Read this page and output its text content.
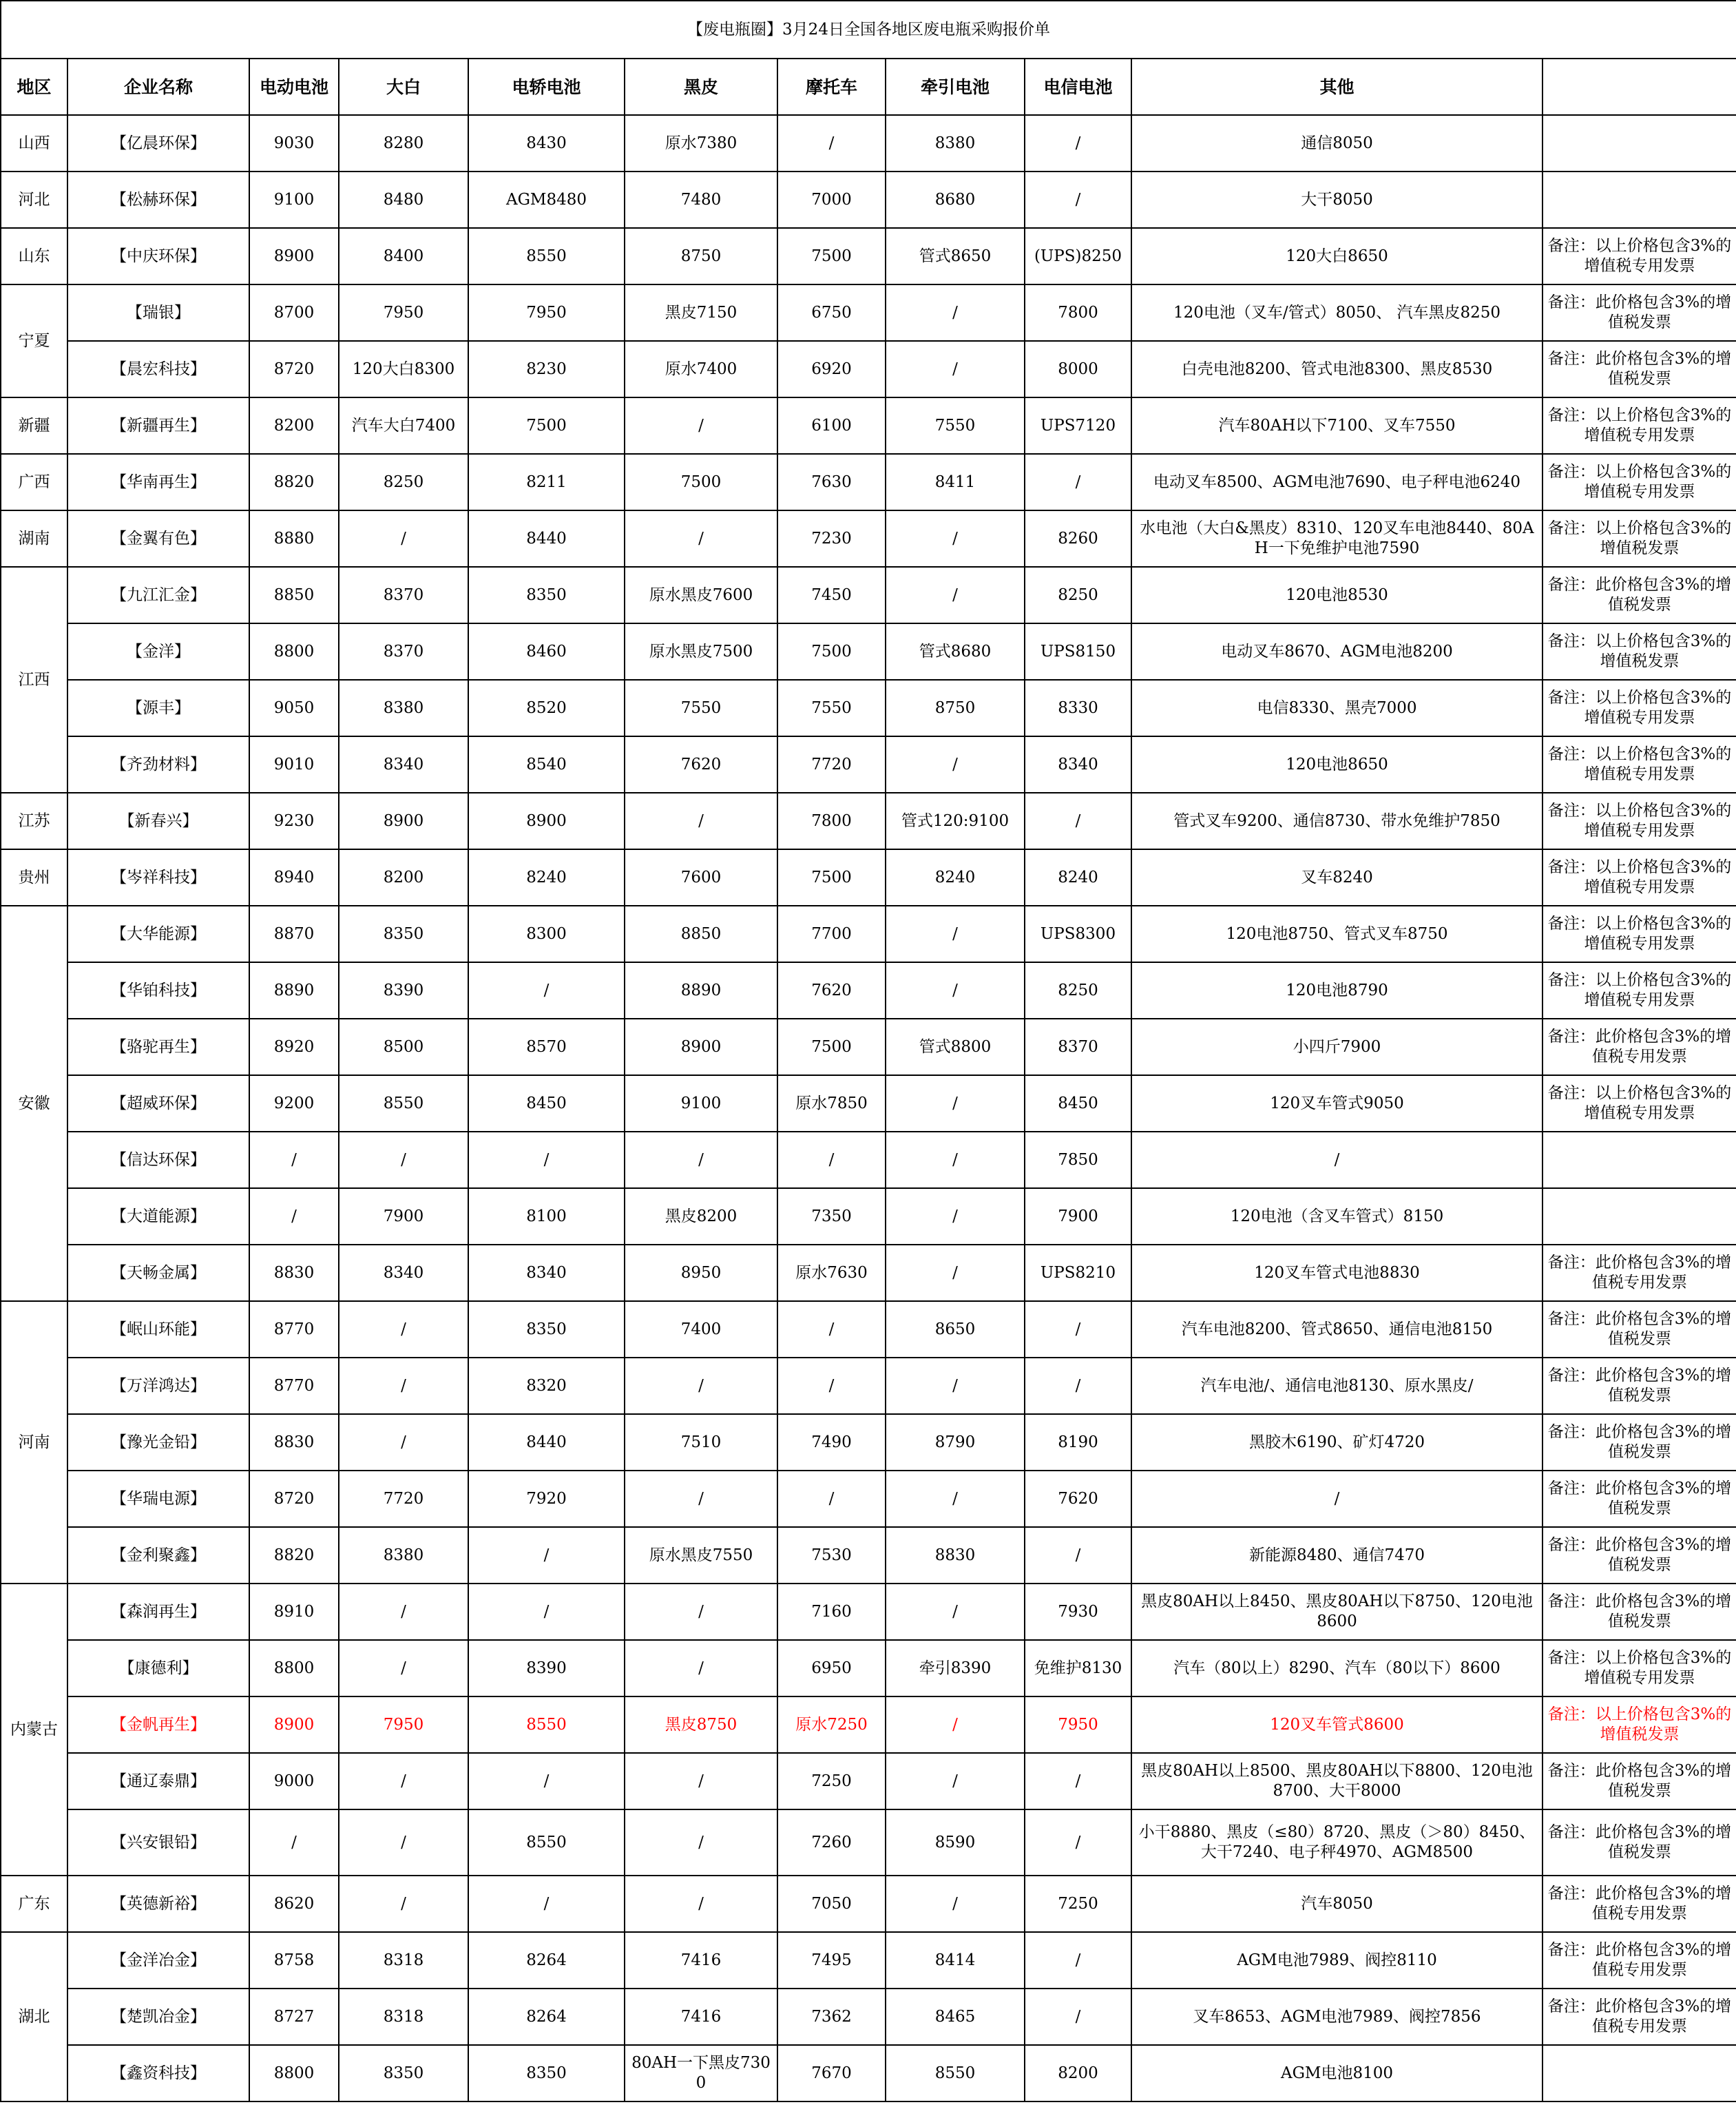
【废电瓶圈】3月24日全国各地区废电瓶采购报价单										
地区	企业名称	电动电池	大白	电轿电池	黑皮	摩托车	牵引电池	电信电池	其他	
山西	【亿晨环保】	9030	8280	8430	原水7380	/	8380	/	通信8050	
河北	【松赫环保】	9100	8480	AGM8480	7480	7000	8680	/	大干8050	
山东	【中庆环保】	8900	8400	8550	8750	7500	管式8650	(UPS)8250	120大白8650	备注：以上价格包含3%的增值税专用发票
宁夏	【瑞银】	8700	7950	7950	黑皮7150	6750	/	7800	120电池（叉车/管式）8050、 汽车黑皮8250	备注：此价格包含3%的增值税发票
	【晨宏科技】	8720	120大白8300	8230	原水7400	6920	/	8000	白壳电池8200、管式电池8300、黑皮8530	备注：此价格包含3%的增值税发票
新疆	【新疆再生】	8200	汽车大白7400	7500	/	6100	7550	UPS7120	汽车80AH以下7100、叉车7550	备注：以上价格包含3%的增值税专用发票
广西	【华南再生】	8820	8250	8211	7500	7630	8411	/	电动叉车8500、AGM电池7690、电子秤电池6240	备注：以上价格包含3%的增值税专用发票
湖南	【金翼有色】	8880	/	8440	/	7230	/	8260	水电池（大白&黑皮）8310、120叉车电池8440、80AH一下免维护电池7590	备注：以上价格包含3%的增值税发票
江西	【九江汇金】	8850	8370	8350	原水黑皮7600	7450	/	8250	120电池8530	备注：此价格包含3%的增值税发票
	【金洋】	8800	8370	8460	原水黑皮7500	7500	管式8680	UPS8150	电动叉车8670、AGM电池8200	备注：以上价格包含3%的增值税发票
	【源丰】	9050	8380	8520	7550	7550	8750	8330	电信8330、黑壳7000	备注：以上价格包含3%的增值税专用发票
	【齐劲材料】	9010	8340	8540	7620	7720	/	8340	120电池8650	备注：以上价格包含3%的增值税专用发票
江苏	【新春兴】	9230	8900	8900	/	7800	管式120:9100	/	管式叉车9200、通信8730、带水免维护7850	备注：以上价格包含3%的增值税专用发票
贵州	【岑祥科技】	8940	8200	8240	7600	7500	8240	8240	叉车8240	备注：以上价格包含3%的增值税专用发票
安徽	【大华能源】	8870	8350	8300	8850	7700	/	UPS8300	120电池8750、管式叉车8750	备注：以上价格包含3%的增值税专用发票
	【华铂科技】	8890	8390	/	8890	7620	/	8250	120电池8790	备注：以上价格包含3%的增值税专用发票
	【骆驼再生】	8920	8500	8570	8900	7500	管式8800	8370	小四斤7900	备注：此价格包含3%的增值税专用发票
	【超威环保】	9200	8550	8450	9100	原水7850	/	8450	120叉车管式9050	备注：以上价格包含3%的增值税专用发票
	【信达环保】	/	/	/	/	/	/	7850	/	
	【大道能源】	/	7900	8100	黑皮8200	7350	/	7900	120电池（含叉车管式）8150	
	【天畅金属】	8830	8340	8340	8950	原水7630	/	UPS8210	120叉车管式电池8830	备注：此价格包含3%的增值税专用发票
河南	【岷山环能】	8770	/	8350	7400	/	8650	/	汽车电池8200、管式8650、通信电池8150	备注：此价格包含3%的增值税发票
	【万洋鸿达】	8770	/	8320	/	/	/	/	汽车电池/、通信电池8130、原水黑皮/	备注：此价格包含3%的增值税发票
	【豫光金铅】	8830	/	8440	7510	7490	8790	8190	黑胶木6190、矿灯4720	备注：此价格包含3%的增值税发票
	【华瑞电源】	8720	7720	7920	/	/	/	7620	/	备注：此价格包含3%的增值税发票
	【金利聚鑫】	8820	8380	/	原水黑皮7550	7530	8830	/	新能源8480、通信7470	备注：此价格包含3%的增值税发票
内蒙古	【森润再生】	8910	/	/	/	7160	/	7930	黑皮80AH以上8450、黑皮80AH以下8750、120电池8600	备注：此价格包含3%的增值税发票
	【康德利】	8800	/	8390	/	6950	牵引8390	免维护8130	汽车（80以上）8290、汽车（80以下）8600	备注：以上价格包含3%的增值税专用发票
	【金帆再生】	8900	7950	8550	黑皮8750	原水7250	/	7950	120叉车管式8600	备注：以上价格包含3%的增值税发票
	【通辽泰鼎】	9000	/	/	/	7250	/	/	黑皮80AH以上8500、黑皮80AH以下8800、120电池8700、大干8000	备注：此价格包含3%的增值税发票
	【兴安银铅】	/	/	8550	/	7260	8590	/	小干8880、黑皮（≤80）8720、黑皮（＞80）8450、大干7240、电子秤4970、AGM8500	备注：此价格包含3%的增值税发票
广东	【英德新裕】	8620	/	/	/	7050	/	7250	汽车8050	备注：此价格包含3%的增值税专用发票
湖北	【金洋冶金】	8758	8318	8264	7416	7495	8414	/	AGM电池7989、阀控8110	备注：此价格包含3%的增值税专用发票
	【楚凯冶金】	8727	8318	8264	7416	7362	8465	/	叉车8653、AGM电池7989、阀控7856	备注：此价格包含3%的增值税专用发票
	【鑫资科技】	8800	8350	8350	80AH一下黑皮7300	7670	8550	8200	AGM电池8100	
